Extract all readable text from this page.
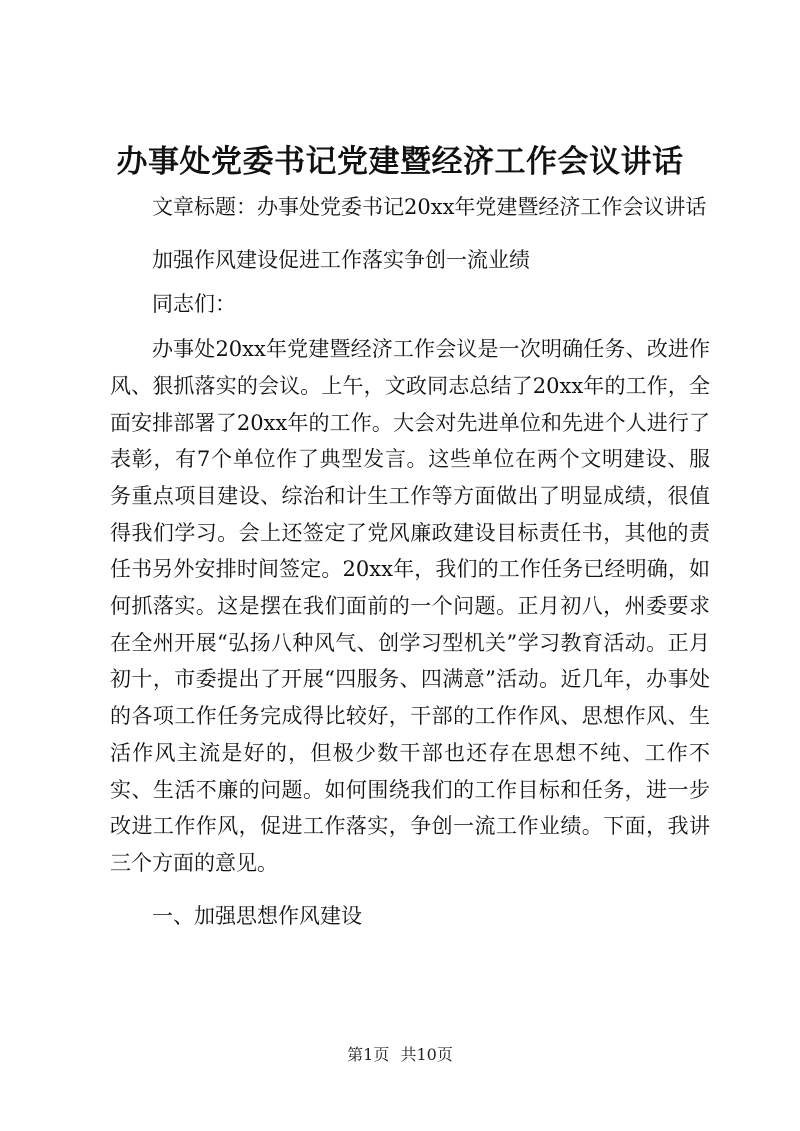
办事处党委书记党建暨经济工作会议讲话

文章标题：办事处党委书记20xx年党建暨经济工作会议讲话

加强作风建设促进工作落实争创一流业绩

同志们：

办事处20xx年党建暨经济工作会议是一次明确任务、改进作风、狠抓落实的会议。上午，文政同志总结了20xx年的工作，全面安排部署了20xx年的工作。大会对先进单位和先进个人进行了表彰，有7个单位作了典型发言。这些单位在两个文明建设、服务重点项目建设、综治和计生工作等方面做出了明显成绩，很值得我们学习。会上还签定了党风廉政建设目标责任书，其他的责任书另外安排时间签定。20xx年，我们的工作任务已经明确，如何抓落实。这是摆在我们面前的一个问题。正月初八，州委要求在全州开展“弘扬八种风气、创学习型机关”学习教育活动。正月初十，市委提出了开展“四服务、四满意”活动。近几年，办事处的各项工作任务完成得比较好，干部的工作作风、思想作风、生活作风主流是好的，但极少数干部也还存在思想不纯、工作不实、生活不廉的问题。如何围绕我们的工作目标和任务，进一步改进工作作风，促进工作落实，争创一流工作业绩。下面，我讲三个方面的意见。

一、加强思想作风建设

第1页 共10页
